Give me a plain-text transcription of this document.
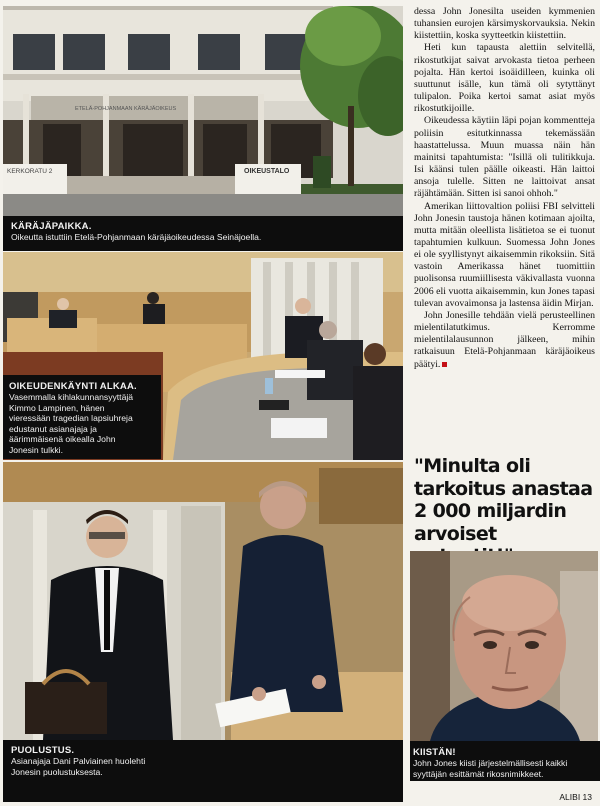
KERKORATU 2	OIKEUSTALO
ETELÄ-POHJANMAAN KÄRÄJÄOIKEUS
KÄRÄJÄPAIKKA.
Oikeutta istuttiin Etelä-Pohjanmaan käräjäoikeudessa Seinäjoella.
OIKEUDENKÄYNTI ALKAA.
Vasemmalla kihlakunnansyyttäjä
Kimmo Lampinen, hänen
vieressään tragedian lapsiuhreja
edustanut asianajaja ja
äärimmäisenä oikealla John
Jonesin tulkki.
PUOLUSTUS.
Asianajaja Dani Palviainen huolehti
Jonesin puolustuksesta.

dessa John Jonesilta useiden kymmenien tuhansien eurojen kärsimyskorvauksia. Nekin kiistettiin, koska syytteetkin kiistettiin.

Heti kun tapausta alettiin selvitellä, rikostutkijat saivat arvokasta tietoa perheen pojalta. Hän kertoi isoäidilleen, kuinka oli suuttunut isälle, kun tämä oli sytyttänyt tulipalon. Poika kertoi samat asiat myös rikostutkijoille.

Oikeudessa käytiin läpi pojan kommentteja poliisin esitutkinnassa tekemässään haastattelussa. Muun muassa näin hän mainitsi tapahtumista: "Isillä oli tulitikkuja. Isi käänsi tulen päälle oikeasti. Hän laittoi ansoja tulelle. Sitten ne laittoivat ansat räjähtämään. Sitten isi sanoi ohhoh."

Amerikan liittovaltion poliisi FBI selvitteli John Jonesin taustoja hänen kotimaan ajoilta, mutta mitään oleellista lisätietoa se ei tuonut tapahtumien kulkuun. Suomessa John Jones ei ole syyllistynyt aikaisemmin rikoksiin. Sitä vastoin Amerikassa hänet tuomittiin puolisonsa ruumiillisesta väkivallasta vuonna 2006 eli vuotta aikaisemmin, kun Jones tapasi tulevan avovaimonsa ja lastensa äidin Mirjan.

John Jonesille tehdään vielä perusteellinen mielentilatutkimus. Kerromme mielentilalausunnon jälkeen, mihin ratkaisuun Etelä-Pohjanmaan käräjäoikeus päätyi.

"Minulta oli
tarkoitus anastaa
2 000 miljardin
arvoiset
KIISTÄN!
John Jones kiisti järjestelmällisesti kaikki
syyttäjän esittämät rikosnimikkeet.
ALIBI 13
